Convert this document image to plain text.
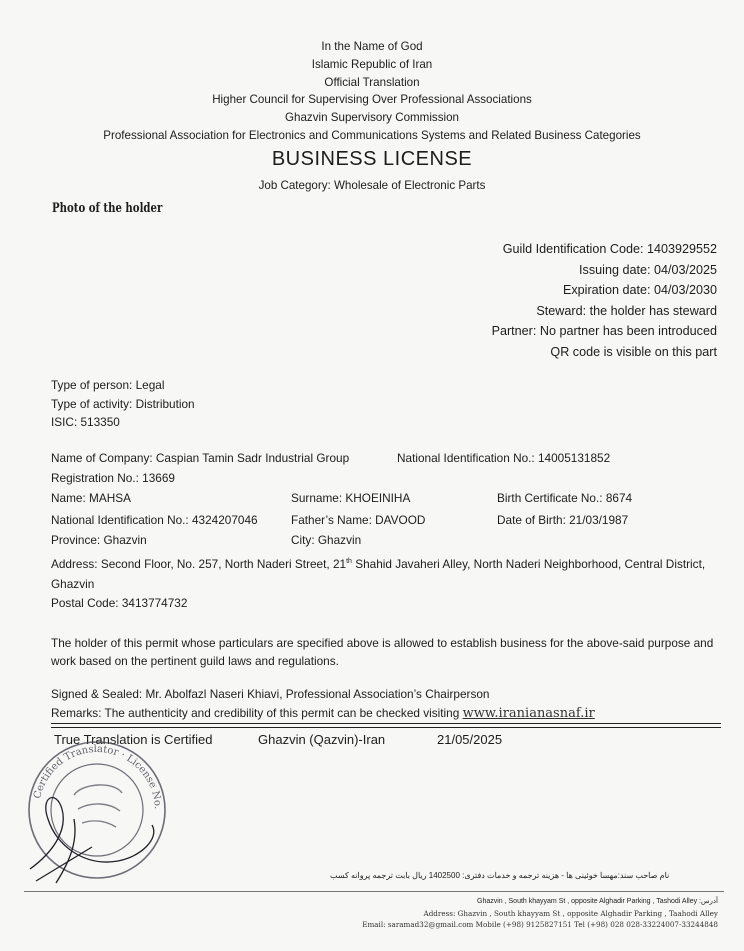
In the Name of God
Islamic Republic of Iran
Official Translation
Higher Council for Supervising Over Professional Associations
Ghazvin Supervisory Commission
Professional Association for Electronics and Communications Systems and Related Business Categories
BUSINESS LICENSE
Job Category: Wholesale of Electronic Parts
Photo of the holder
Guild Identification Code: 1403929552
Issuing date: 04/03/2025
Expiration date: 04/03/2030
Steward: the holder has steward
Partner: No partner has been introduced
QR code is visible on this part
Type of person: Legal
Type of activity: Distribution
ISIC: 513350
Name of Company: Caspian Tamin Sadr Industrial Group	National Identification No.: 14005131852
Registration No.: 13669
Name: MAHSA	Surname: KHOEINIHA	Birth Certificate No.: 8674
National Identification No.: 4324207046	Father’s Name: DAVOOD	Date of Birth: 21/03/1987
Province: Ghazvin	City: Ghazvin
Address: Second Floor, No. 257, North Naderi Street, 21th Shahid Javaheri Alley, North Naderi Neighborhood, Central District, Ghazvin
Postal Code: 3413774732
The holder of this permit whose particulars are specified above is allowed to establish business for the above-said purpose and work based on the pertinent guild laws and regulations.
Signed & Sealed: Mr. Abolfazl Naseri Khiavi, Professional Association’s Chairperson
Remarks: The authenticity and credibility of this permit can be checked visiting www.iranianasnaf.ir
True Translation is Certified	Ghazvin (Qazvin)-Iran	21/05/2025
Certified Translator · License No.
نام صاحب سند:مهسا خوئینی ها - هزینه ترجمه و خدمات دفتری: 1402500 ریال بابت ترجمه پروانه کسب
Ghazvin , South khayyam St , opposite Alghadir Parking , Tashodi Alley :آدرس
Address: Ghazvin , South khayyam St , opposite Alghadir Parking , Taahodi Alley
Email: saramad32@gmail.com Mobile (+98) 9125827151 Tel (+98) 028 028-33224007-33244848
